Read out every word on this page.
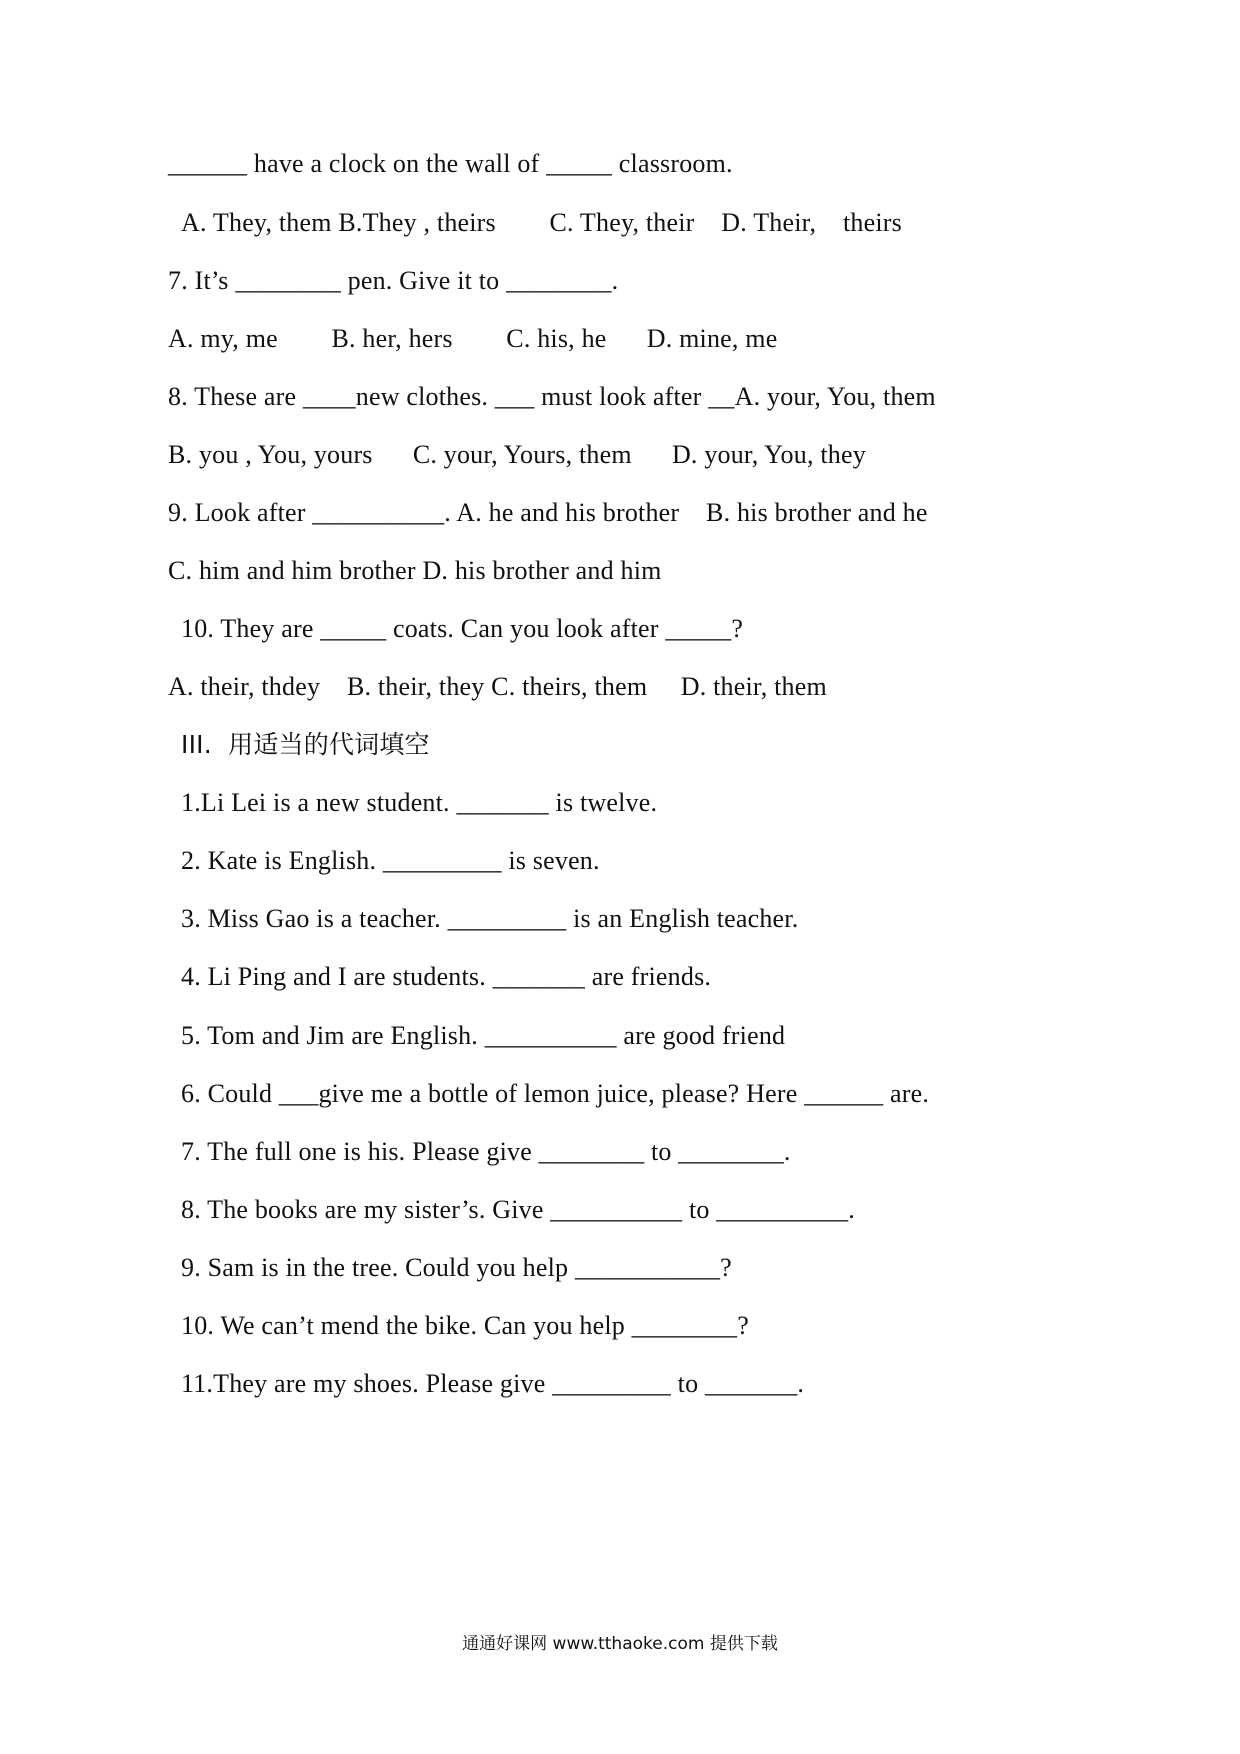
______ have a clock on the wall of _____ classroom.
A. They, them B.They , theirs        C. They, their    D. Their,    theirs
7. It’s ________ pen. Give it to ________.
A. my, me        B. her, hers        C. his, he      D. mine, me
8. These are ____new clothes. ___ must look after __A. your, You, them
B. you , You, yours      C. your, Yours, them      D. your, You, they
9. Look after __________. A. he and his brother    B. his brother and he
C. him and him brother D. his brother and him
10. They are _____ coats. Can you look after _____?
A. their, thdey    B. their, they C. theirs, them     D. their, them
III.  用适当的代词填空
1.Li Lei is a new student. _______ is twelve.
2. Kate is English. _________ is seven.
3. Miss Gao is a teacher. _________ is an English teacher.
4. Li Ping and I are students. _______ are friends.
5. Tom and Jim are English. __________ are good friend
6. Could ___give me a bottle of lemon juice, please? Here ______ are.
7. The full one is his. Please give ________ to ________.
8. The books are my sister’s. Give __________ to __________.
9. Sam is in the tree. Could you help ___________?
10. We can’t mend the bike. Can you help ________?
11.They are my shoes. Please give _________ to _______.
通通好课网 www.tthaoke.com 提供下载
